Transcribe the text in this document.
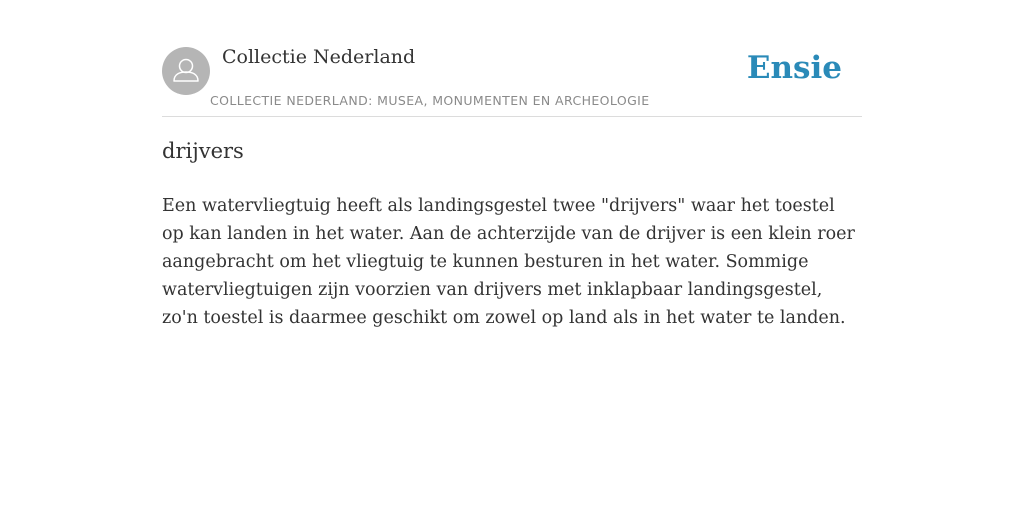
Collectie Nederland
COLLECTIE NEDERLAND: MUSEA, MONUMENTEN EN ARCHEOLOGIE
Ensie
drijvers

Een watervliegtuig heeft als landingsgestel twee "drijvers" waar het toestel op kan landen in het water. Aan de achterzijde van de drijver is een klein roer aangebracht om het vliegtuig te kunnen besturen in het water. Sommige watervliegtuigen zijn voorzien van drijvers met inklapbaar landingsgestel, zo'n toestel is daarmee geschikt om zowel op land als in het water te landen.
